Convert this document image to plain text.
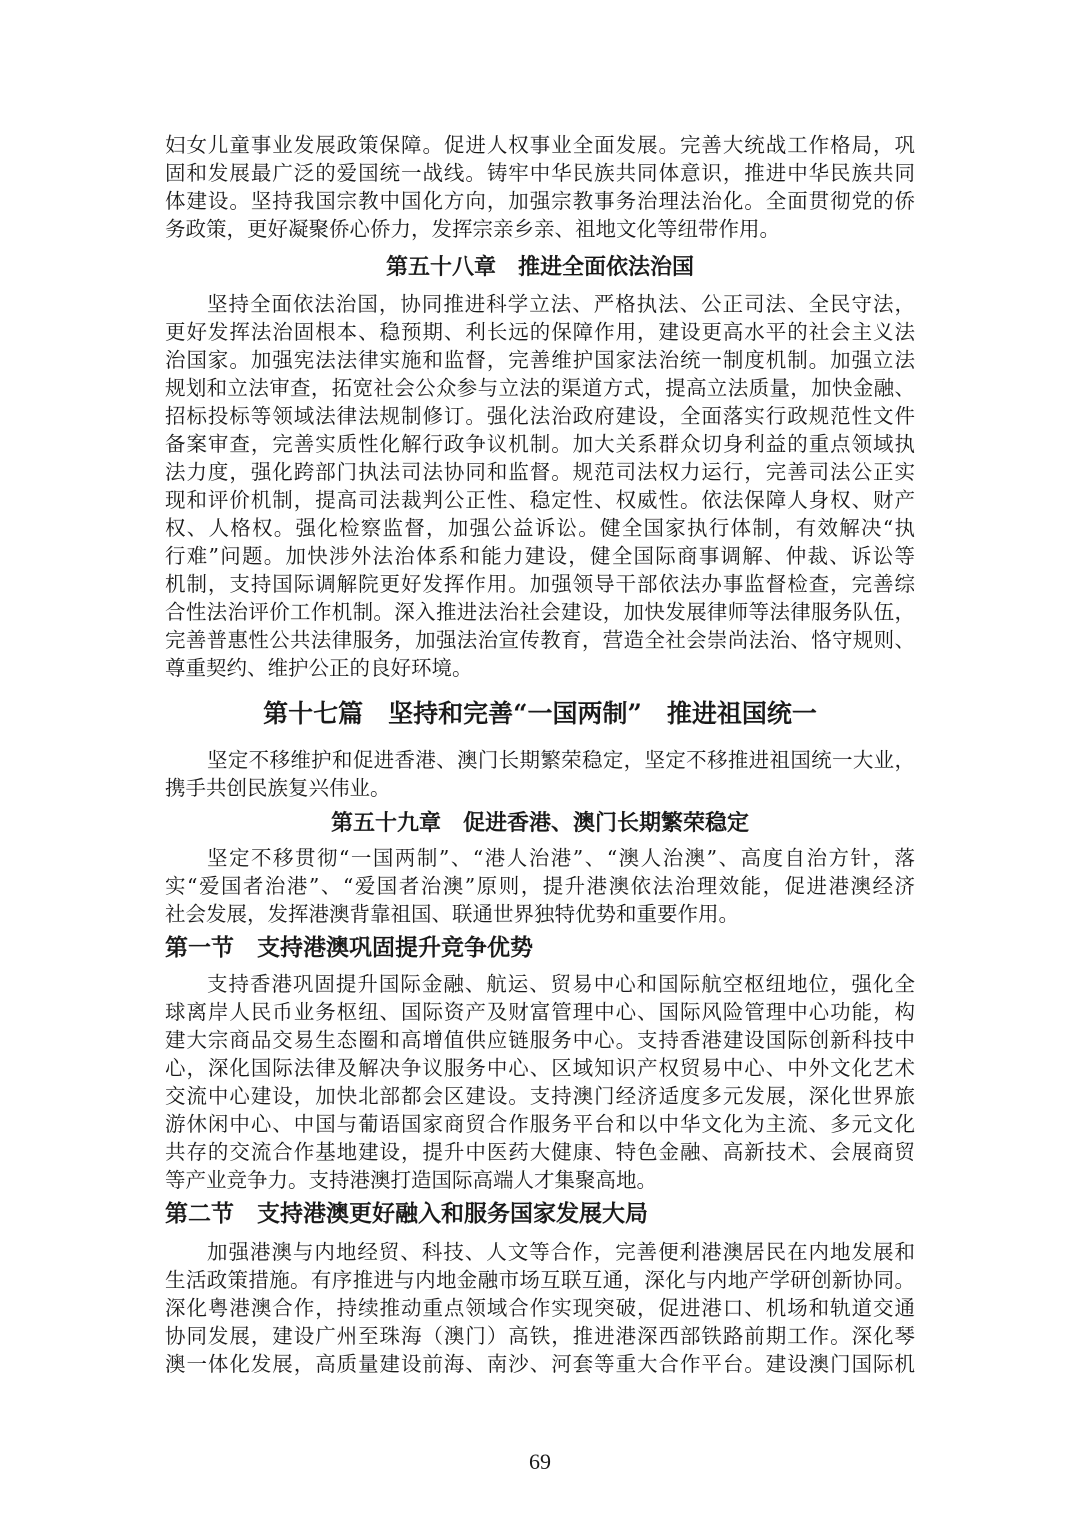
妇女儿童事业发展政策保障。促进人权事业全面发展。完善大统战工作格局，巩
固和发展最广泛的爱国统一战线。铸牢中华民族共同体意识，推进中华民族共同
体建设。坚持我国宗教中国化方向，加强宗教事务治理法治化。全面贯彻党的侨
务政策，更好凝聚侨心侨力，发挥宗亲乡亲、祖地文化等纽带作用。
第五十八章　推进全面依法治国
坚持全面依法治国，协同推进科学立法、严格执法、公正司法、全民守法，
更好发挥法治固根本、稳预期、利长远的保障作用，建设更高水平的社会主义法
治国家。加强宪法法律实施和监督，完善维护国家法治统一制度机制。加强立法
规划和立法审查，拓宽社会公众参与立法的渠道方式，提高立法质量，加快金融、
招标投标等领域法律法规制修订。强化法治政府建设，全面落实行政规范性文件
备案审查，完善实质性化解行政争议机制。加大关系群众切身利益的重点领域执
法力度，强化跨部门执法司法协同和监督。规范司法权力运行，完善司法公正实
现和评价机制，提高司法裁判公正性、稳定性、权威性。依法保障人身权、财产
权、人格权。强化检察监督，加强公益诉讼。健全国家执行体制，有效解决“执
行难”问题。加快涉外法治体系和能力建设，健全国际商事调解、仲裁、诉讼等
机制，支持国际调解院更好发挥作用。加强领导干部依法办事监督检查，完善综
合性法治评价工作机制。深入推进法治社会建设，加快发展律师等法律服务队伍，
完善普惠性公共法律服务，加强法治宣传教育，营造全社会崇尚法治、恪守规则、
尊重契约、维护公正的良好环境。
第十七篇　坚持和完善“一国两制”　推进祖国统一
坚定不移维护和促进香港、澳门长期繁荣稳定，坚定不移推进祖国统一大业，
携手共创民族复兴伟业。
第五十九章　促进香港、澳门长期繁荣稳定
坚定不移贯彻“一国两制”、“港人治港”、“澳人治澳”、高度自治方针，落
实“爱国者治港”、“爱国者治澳”原则，提升港澳依法治理效能，促进港澳经济
社会发展，发挥港澳背靠祖国、联通世界独特优势和重要作用。
第一节　支持港澳巩固提升竞争优势
支持香港巩固提升国际金融、航运、贸易中心和国际航空枢纽地位，强化全
球离岸人民币业务枢纽、国际资产及财富管理中心、国际风险管理中心功能，构
建大宗商品交易生态圈和高增值供应链服务中心。支持香港建设国际创新科技中
心，深化国际法律及解决争议服务中心、区域知识产权贸易中心、中外文化艺术
交流中心建设，加快北部都会区建设。支持澳门经济适度多元发展，深化世界旅
游休闲中心、中国与葡语国家商贸合作服务平台和以中华文化为主流、多元文化
共存的交流合作基地建设，提升中医药大健康、特色金融、高新技术、会展商贸
等产业竞争力。支持港澳打造国际高端人才集聚高地。
第二节　支持港澳更好融入和服务国家发展大局
加强港澳与内地经贸、科技、人文等合作，完善便利港澳居民在内地发展和
生活政策措施。有序推进与内地金融市场互联互通，深化与内地产学研创新协同。
深化粤港澳合作，持续推动重点领域合作实现突破，促进港口、机场和轨道交通
协同发展，建设广州至珠海（澳门）高铁，推进港深西部铁路前期工作。深化琴
澳一体化发展，高质量建设前海、南沙、河套等重大合作平台。建设澳门国际机
69
